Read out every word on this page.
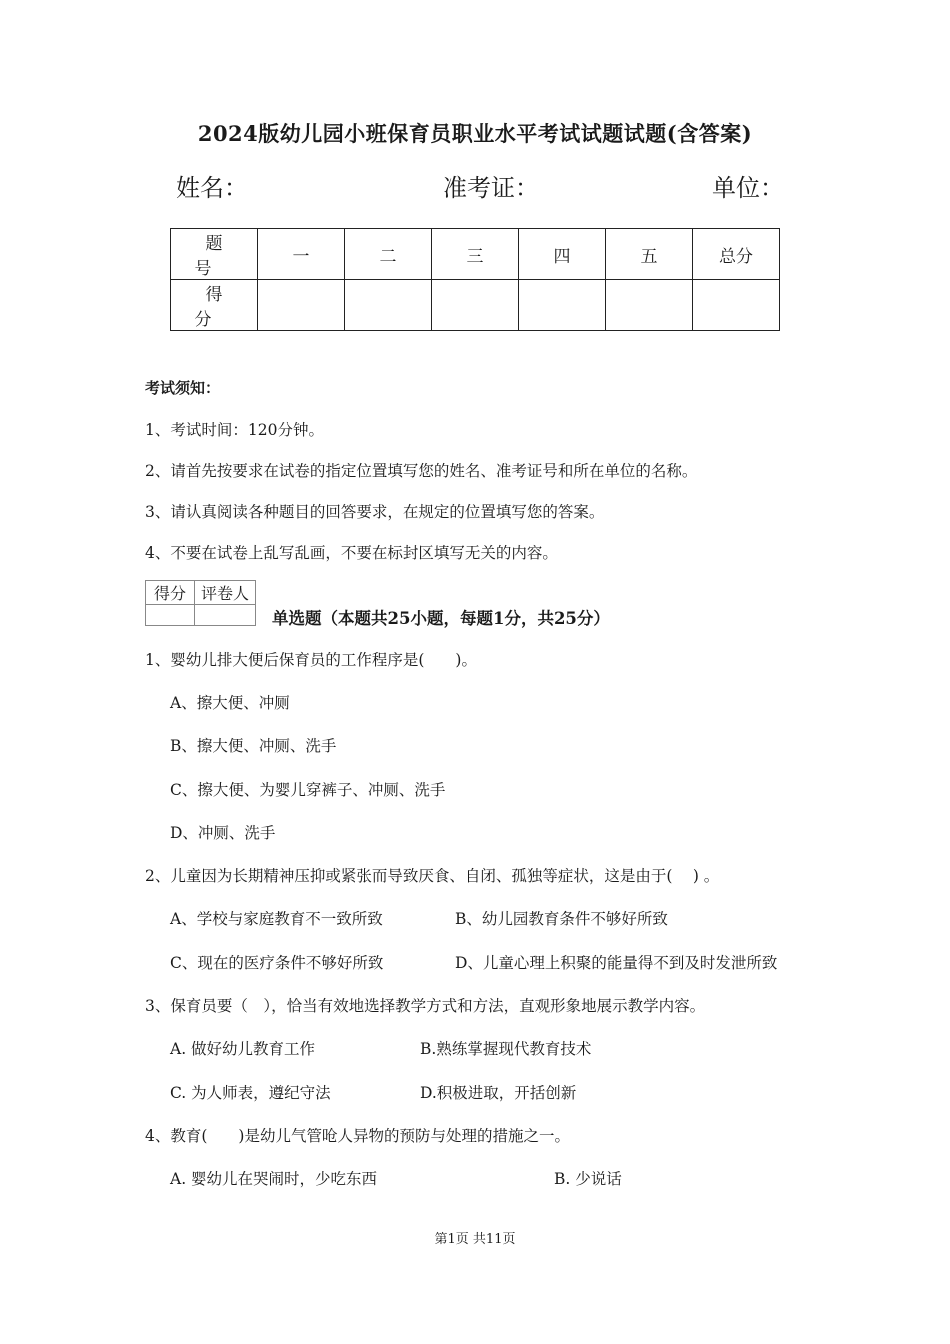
2024版幼儿园小班保育员职业水平考试试题试题(含答案)
姓名：	准考证：	单位：
题 号	一	二	三	四	五	总分
得 分						
考试须知：
1、考试时间：120分钟。
2、请首先按要求在试卷的指定位置填写您的姓名、准考证号和所在单位的名称。
3、请认真阅读各种题目的回答要求，在规定的位置填写您的答案。
4、不要在试卷上乱写乱画，不要在标封区填写无关的内容。
得分	评卷人

单选题（本题共25小题，每题1分，共25分）
1、婴幼儿排大便后保育员的工作程序是(　　)。
A、擦大便、冲厕
B、擦大便、冲厕、洗手
C、擦大便、为婴儿穿裤子、冲厕、洗手
D、冲厕、洗手
2、儿童因为长期精神压抑或紧张而导致厌食、自闭、孤独等症状，这是由于(　 ) 。
A、学校与家庭教育不一致所致	B、幼儿园教育条件不够好所致
C、现在的医疗条件不够好所致	D、儿童心理上积聚的能量得不到及时发泄所致
3、保育员要（　），恰当有效地选择教学方式和方法，直观形象地展示教学内容。
A. 做好幼儿教育工作	B.熟练掌握现代教育技术
C. 为人师表，遵纪守法	D.积极进取，开括创新
4、教育(　　)是幼儿气管呛人异物的预防与处理的措施之一。
A. 婴幼儿在哭闹时，少吃东西	B. 少说话
第1页 共11页
